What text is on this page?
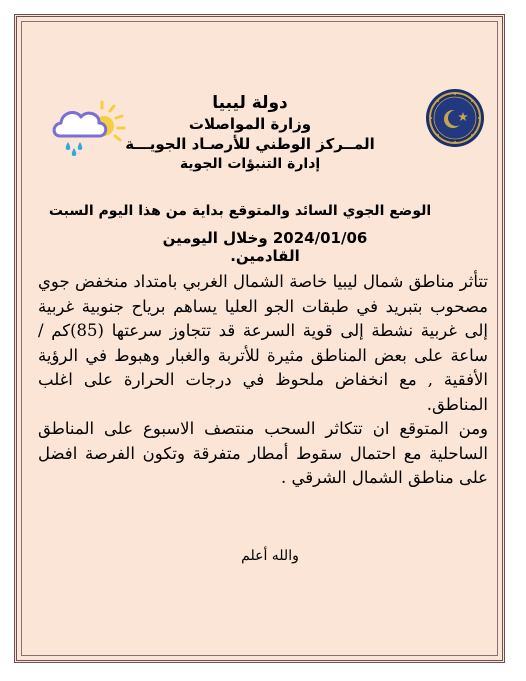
دولة ليبيا
وزارة المواصلات
المــركز الوطني للأرصـاد الجويـــة
إدارة التنبؤات الجوية
الوضع الجوي السائد والمتوقع بداية من هذا اليوم السبت
2024/01/06 وخلال اليومين القادمين.

تتأثر مناطق شمال ليبيا خاصة الشمال الغربي بامتداد منخفض جوي مصحوب بتبريد في طبقات الجو العليا يساهم برياح جنوبية غربية إلى غربية نشطة إلى قوية السرعة قد تتجاوز سرعتها (85)كم /ساعة على بعض المناطق مثيرة للأتربة والغبار وهبوط في الرؤية الأفقية , مع انخفاض ملحوظ في درجات الحرارة على اغلب المناطق.

ومن المتوقع ان تتكاثر السحب منتصف الاسبوع على المناطق الساحلية مع احتمال سقوط أمطار متفرقة وتكون الفرصة افضل على مناطق الشمال الشرقي .

والله أعلم
